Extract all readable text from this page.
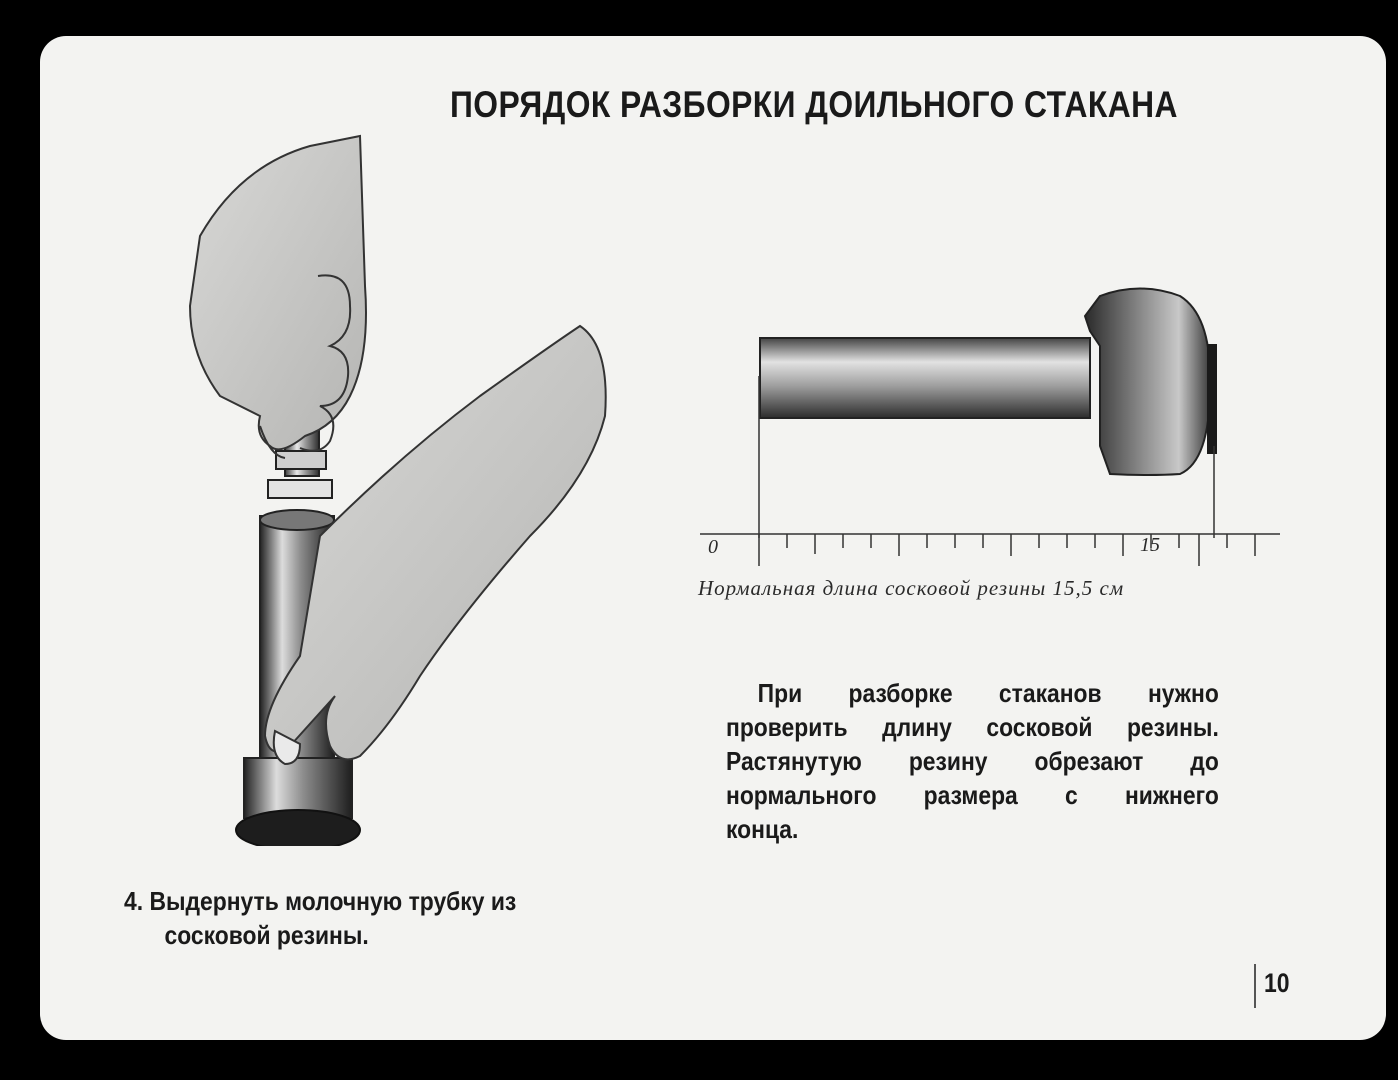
ПОРЯДОК РАЗБОРКИ ДОИЛЬНОГО СТАКАНА
0	15
Нормальная длина сосковой резины 15,5 см
При разборке стаканов нужно
проверить длину сосковой резины.
Растянутую резину обрезают до
нормального размера с нижнего
конца.
4. Выдернуть молочную трубку из
сосковой резины.
10
